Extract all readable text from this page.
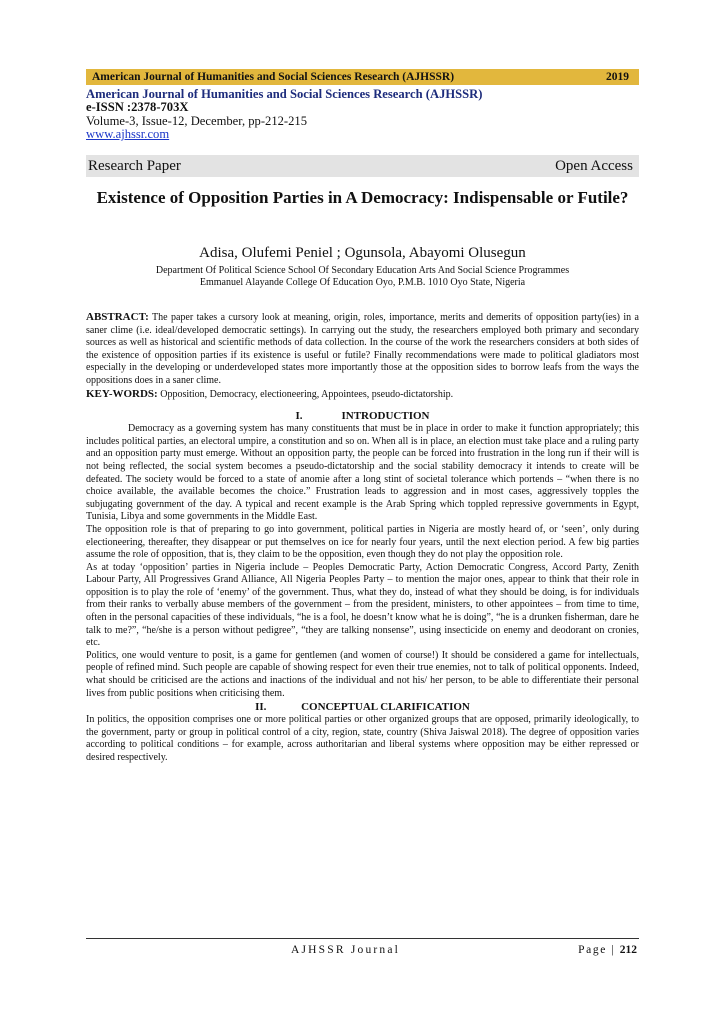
American Journal of Humanities and Social Sciences Research (AJHSSR)	2019
American Journal of Humanities and Social Sciences Research (AJHSSR)
e-ISSN :2378-703X
Volume-3, Issue-12, December, pp-212-215
www.ajhssr.com
Research Paper	Open Access
Existence of Opposition Parties in A Democracy: Indispensable or Futile?
Adisa, Olufemi Peniel ; Ogunsola, Abayomi Olusegun
Department Of Political Science School Of Secondary Education Arts And Social Science Programmes
Emmanuel Alayande College Of Education Oyo, P.M.B. 1010 Oyo State, Nigeria

ABSTRACT: The paper takes a cursory look at meaning, origin, roles, importance, merits and demerits of opposition party(ies) in a saner clime (i.e. ideal/developed democratic settings). In carrying out the study, the researchers employed both primary and secondary sources as well as historical and scientific methods of data collection. In the course of the work the researchers considers at both sides of the existence of opposition parties if its existence is useful or futile? Finally recommendations were made to political gladiators most especially in the developing or underdeveloped states more importantly those at the opposition sides to borrow leafs from the ways the oppositions does in a saner clime.

KEY-WORDS: Opposition, Democracy, electioneering, Appointees, pseudo-dictatorship.

I.	INTRODUCTION

Democracy as a governing system has many constituents that must be in place in order to make it function appropriately; this includes political parties, an electoral umpire, a constitution and so on. When all is in place, an election must take place and a ruling party and an opposition party must emerge. Without an opposition party, the people can be forced into frustration in the long run if their will is not being reflected, the social system becomes a pseudo-dictatorship and the social stability democracy it intends to create will be defeated. The society would be forced to a state of anomie after a long stint of societal tolerance which portends – “when there is no choice available, the available becomes the choice.” Frustration leads to aggression and in most cases, aggressively topples the subjugating government of the day. A typical and recent example is the Arab Spring which toppled repressive governments in Egypt, Tunisia, Libya and some governments in the Middle East.

The opposition role is that of preparing to go into government, political parties in Nigeria are mostly heard of, or ‘seen’, only during electioneering, thereafter, they disappear or put themselves on ice for nearly four years, until the next election period. A few big parties assume the role of opposition, that is, they claim to be the opposition, even though they do not play the opposition role.

As at today ‘opposition’ parties in Nigeria include – Peoples Democratic Party, Action Democratic Congress, Accord Party, Zenith Labour Party, All Progressives Grand Alliance, All Nigeria Peoples Party – to mention the major ones, appear to think that their role in opposition is to play the role of ‘enemy’ of the government. Thus, what they do, instead of what they should be doing, is for individuals from their ranks to verbally abuse members of the government – from the president, ministers, to other appointees – from time to time, often in the personal capacities of these individuals, “he is a fool, he doesn’t know what he is doing”, “he is a drunken fisherman, dare he talk to me?”, “he/she is a person without pedigree”, “they are talking nonsense”, using insecticide on enemy and deodorant on cronies, etc.

Politics, one would venture to posit, is a game for gentlemen (and women of course!) It should be considered a game for intellectuals, people of refined mind. Such people are capable of showing respect for even their true enemies, not to talk of political opponents. Indeed, what should be criticised are the actions and inactions of the individual and not his/ her person, to be able to differentiate their personal lives from public positions when criticising them.

II.	CONCEPTUAL CLARIFICATION

In politics, the opposition comprises one or more political parties or other organized groups that are opposed, primarily ideologically, to the government, party or group in political control of a city, region, state, country (Shiva Jaiswal 2018). The degree of opposition varies according to political conditions – for example, across authoritarian and liberal systems where opposition may be either repressed or desired respectively.

AJHSSR Journal	Page | 212
